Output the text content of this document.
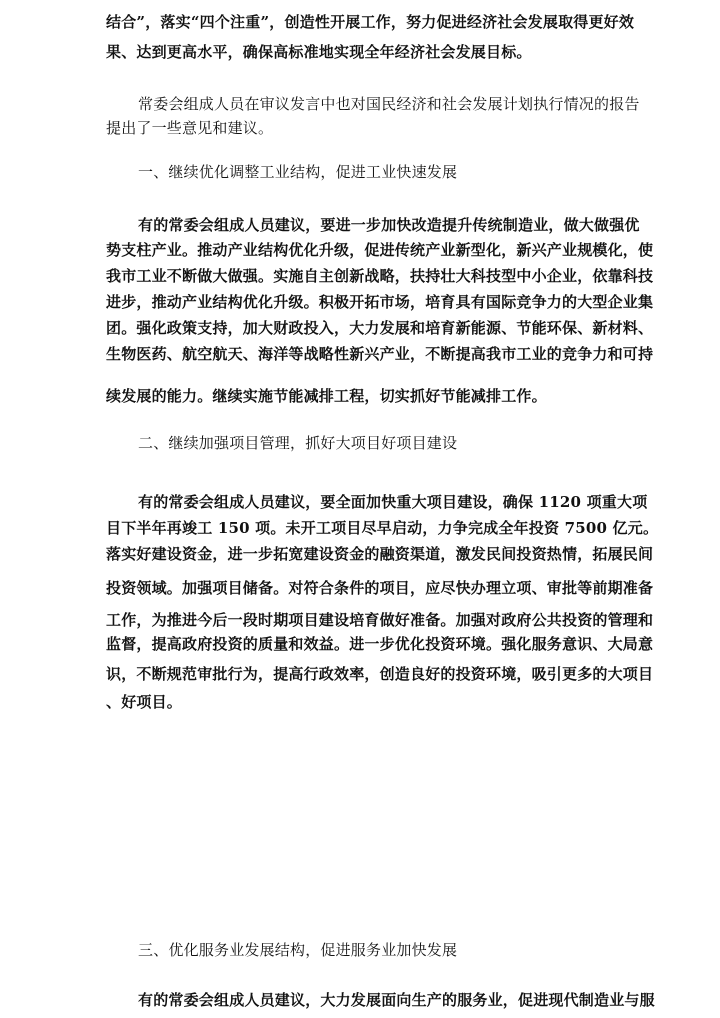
结合”，落实“四个注重”，创造性开展工作，努力促进经济社会发展取得更好效
果、达到更高水平，确保高标准地实现全年经济社会发展目标。
常委会组成人员在审议发言中也对国民经济和社会发展计划执行情况的报告
提出了一些意见和建议。
一、继续优化调整工业结构，促进工业快速发展
有的常委会组成人员建议，要进一步加快改造提升传统制造业，做大做强优
势支柱产业。推动产业结构优化升级，促进传统产业新型化，新兴产业规模化，使
我市工业不断做大做强。实施自主创新战略，扶持壮大科技型中小企业，依靠科技
进步，推动产业结构优化升级。积极开拓市场，培育具有国际竞争力的大型企业集
团。强化政策支持，加大财政投入，大力发展和培育新能源、节能环保、新材料、
生物医药、航空航天、海洋等战略性新兴产业，不断提高我市工业的竞争力和可持
续发展的能力。继续实施节能减排工程，切实抓好节能减排工作。
二、继续加强项目管理，抓好大项目好项目建设
有的常委会组成人员建议，要全面加快重大项目建设，确保 1120 项重大项
目下半年再竣工 150 项。未开工项目尽早启动，力争完成全年投资 7500 亿元。
落实好建设资金，进一步拓宽建设资金的融资渠道，激发民间投资热情，拓展民间
投资领域。加强项目储备。对符合条件的项目，应尽快办理立项、审批等前期准备
工作，为推进今后一段时期项目建设培育做好准备。加强对政府公共投资的管理和
监督，提高政府投资的质量和效益。进一步优化投资环境。强化服务意识、大局意
识，不断规范审批行为，提高行政效率，创造良好的投资环境，吸引更多的大项目
、好项目。
三、优化服务业发展结构，促进服务业加快发展
有的常委会组成人员建议，大力发展面向生产的服务业，促进现代制造业与服
